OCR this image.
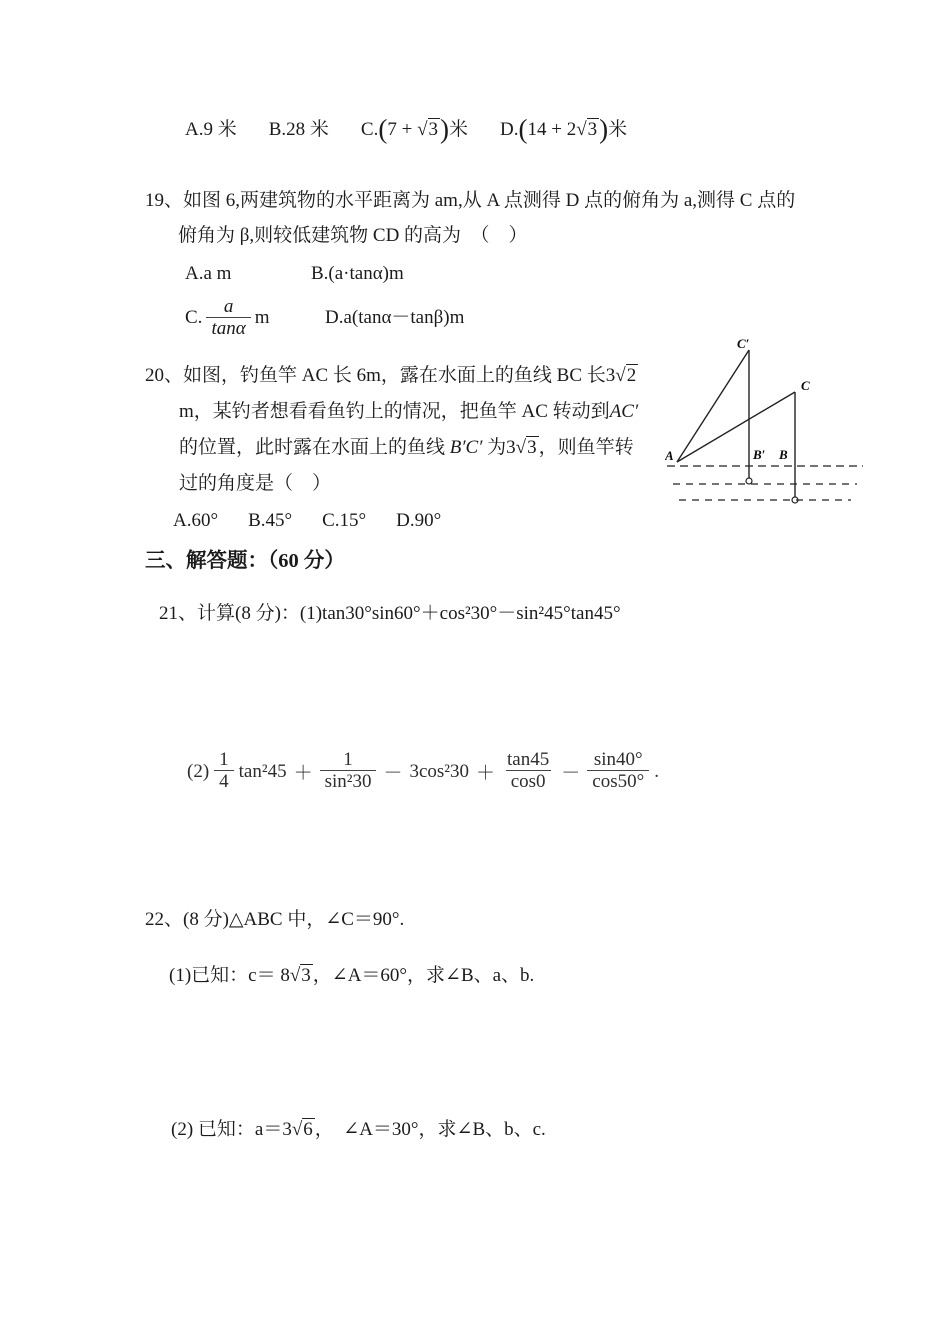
A.9 米 B.28 米 C.(7 + √3)米 D.(14 + 2√3)米
19、如图 6,两建筑物的水平距离为 am,从 A 点测得 D 点的俯角为 a,测得 C 点的
俯角为 β,则较低建筑物 CD 的高为　（　）
A.a m	B.(a·tanα)m
C. $\frac{a}{\tan\alpha}$ m	D.a(tanα－tanβ)m
20、如图，钓鱼竿 AC 长 6m，露在水面上的鱼线 BC 长3√2
m，某钓者想看看鱼钓上的情况，把鱼竿 AC 转动到AC′
的位置，此时露在水面上的鱼线 B′C′ 为3√3 ，则鱼竿转
过的角度是（　）
A.60° B.45° C.15° D.90°
C′
C
B′ B
A
三、解答题：（60 分）
21、计算(8 分)：(1)tan30°sin60°＋cos²30°－sin²45°tan45°
$(2) \frac{1}{4} \tan^245 + \frac{1}{\text{sin²30}} - 3\cos^230 + \frac{\tan 45}{\cos 0} - \frac{\sin 40^\circ}{\cos 50^\circ}$ .
22、(8 分)△ABC 中，∠C＝90°.
(1)已知：c＝ 8√3 ，∠A＝60°，求∠B、a、b.
(2) 已知：a＝3√6 ，　∠A＝30°，求∠B、b、c.
